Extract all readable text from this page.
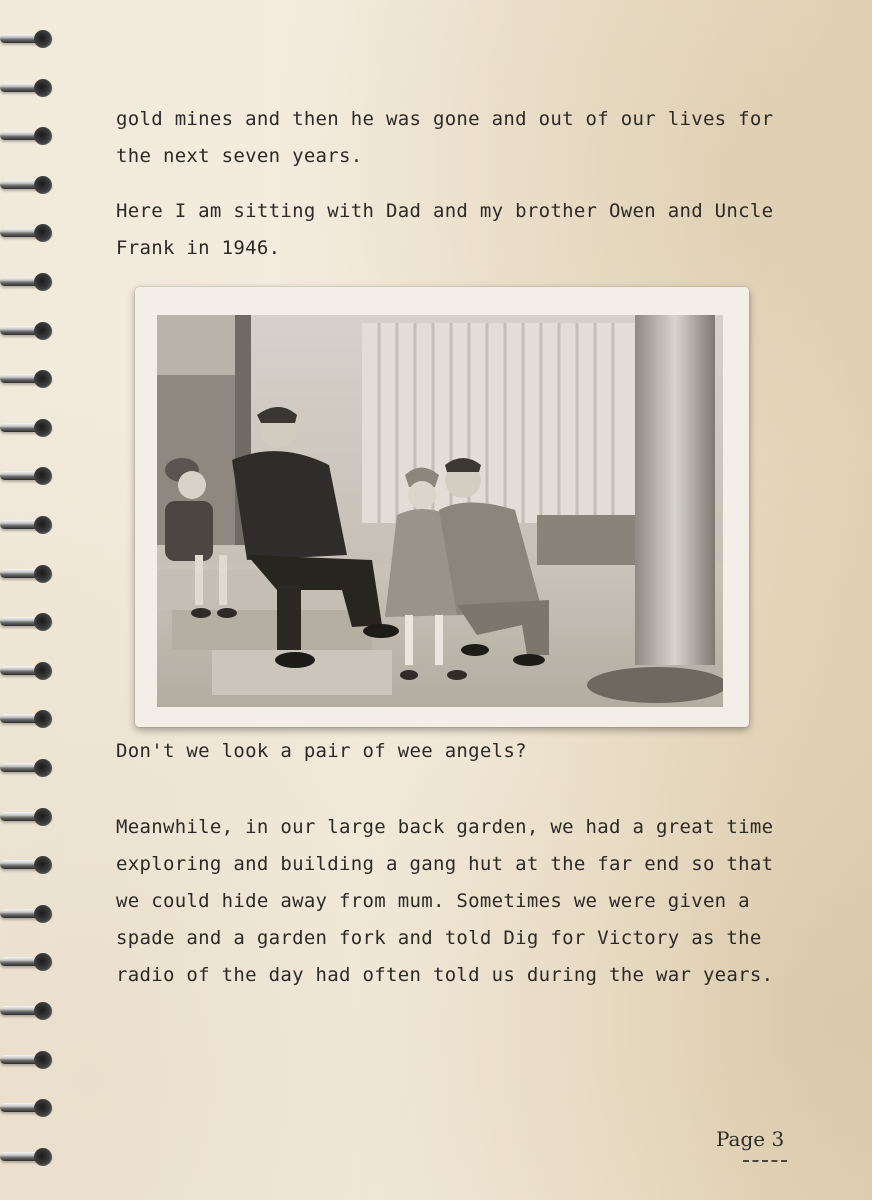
gold mines and then he was gone and out of our lives for
the next seven years.
Here I am sitting with Dad and my brother Owen and Uncle
Frank in 1946.
Don't we look a pair of wee angels?
Meanwhile, in our large back garden, we had a great time
exploring and building a gang hut at the far end so that
we could hide away from mum. Sometimes we were given a
spade and a garden fork and told Dig for Victory as the
radio of the day had often told us during the war years.
Page 3
